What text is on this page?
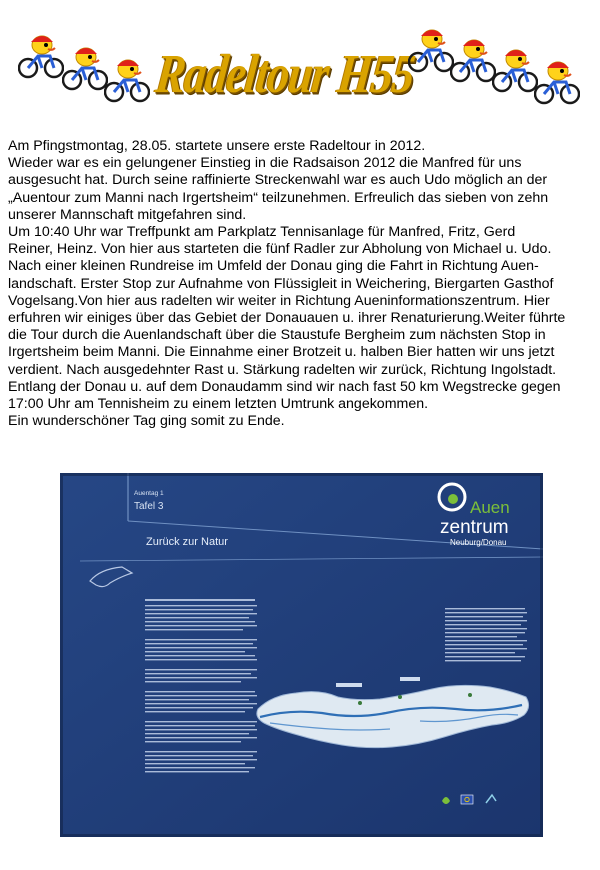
Radeltour H55

Am Pfingstmontag, 28.05. startete unsere erste Radeltour in 2012.

Wieder war es ein gelungener Einstieg in die Radsaison 2012 die Manfred für uns

ausgesucht hat. Durch seine raffinierte Streckenwahl war es auch Udo möglich an der

„Auentour zum Manni nach Irgertsheim“ teilzunehmen. Erfreulich das sieben von zehn

unserer Mannschaft mitgefahren sind.

Um 10:40 Uhr war Treffpunkt am Parkplatz Tennisanlage für Manfred, Fritz, Gerd

Reiner, Heinz. Von hier aus starteten die fünf Radler zur Abholung von Michael u. Udo.

Nach einer kleinen Rundreise im Umfeld der Donau ging die Fahrt in Richtung Auen-

landschaft. Erster Stop zur Aufnahme von Flüssigleit in Weichering, Biergarten Gasthof

Vogelsang.Von hier aus radelten wir weiter in Richtung Aueninformationszentrum. Hier

erfuhren wir einiges über das Gebiet der Donauauen u. ihrer Renaturierung.Weiter führte

die Tour durch die Auenlandschaft über die Staustufe Bergheim zum nächsten Stop in

Irgertsheim beim Manni. Die Einnahme einer Brotzeit u. halben Bier hatten wir uns jetzt

verdient. Nach ausgedehnter Rast u. Stärkung radelten wir zurück, Richtung Ingolstadt.

Entlang der Donau u. auf dem Donaudamm sind wir nach fast 50 km Wegstrecke gegen

17:00 Uhr am Tennisheim zu einem letzten Umtrunk angekommen.

Ein wunderschöner Tag ging somit zu Ende.

Auentag 1
Tafel 3
Zurück zur Natur
Auen
zentrum
Neuburg/Donau
